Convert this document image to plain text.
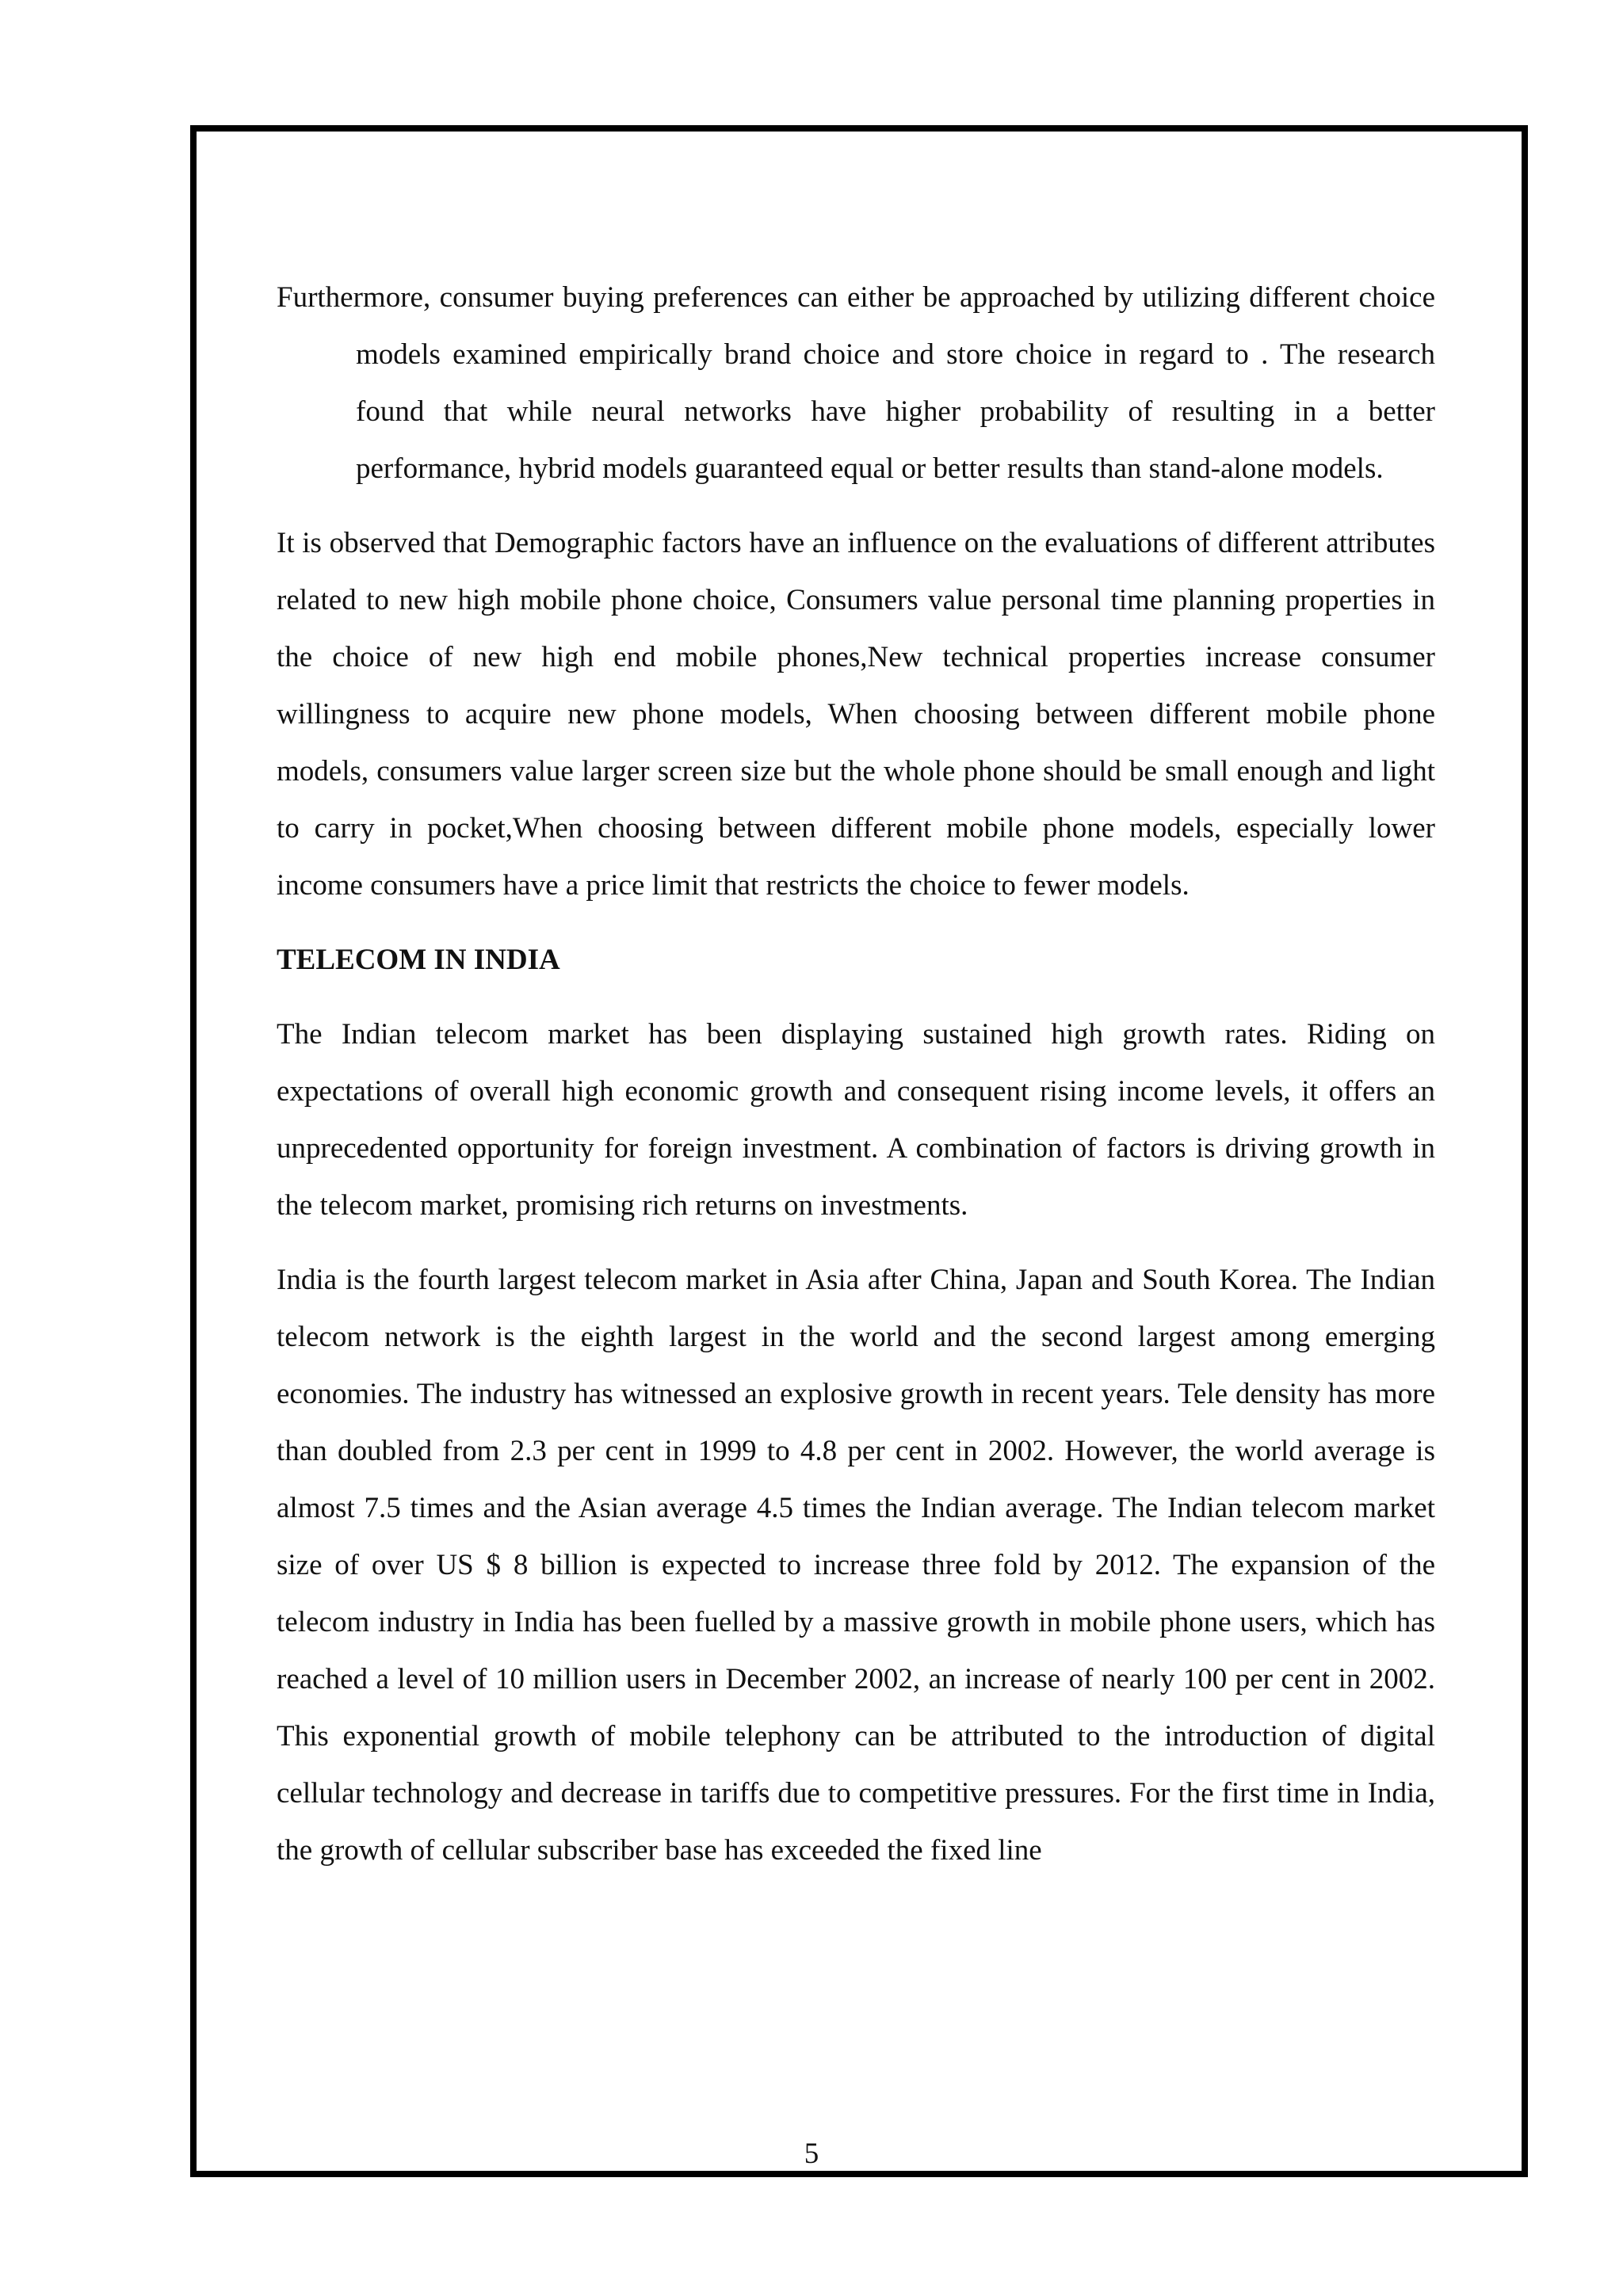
Furthermore, consumer buying preferences can either be approached by utilizing different choice models examined empirically brand choice and store choice in regard to . The research found that while neural networks have higher probability of resulting in a better performance, hybrid models guaranteed equal or better results than stand-alone models.

It is observed that Demographic factors have an influence on the evaluations of different attributes related to new high mobile phone choice, Consumers value personal time planning properties in the choice of new high end mobile phones,New technical properties increase consumer willingness to acquire new phone models, When choosing between different mobile phone models, consumers value larger screen size but the whole phone should be small enough and light to carry in pocket,When choosing between different mobile phone models, especially lower income consumers have a price limit that restricts the choice to fewer models.

TELECOM IN INDIA

The Indian telecom market has been displaying sustained high growth rates. Riding on expectations of overall high economic growth and consequent rising income levels, it offers an unprecedented opportunity for foreign investment. A combination of factors is driving growth in the telecom market, promising rich returns on investments.

India is the fourth largest telecom market in Asia after China, Japan and South Korea. The Indian telecom network is the eighth largest in the world and the second largest among emerging economies. The industry has witnessed an explosive growth in recent years. Tele density has more than doubled from 2.3 per cent in 1999 to 4.8 per cent in 2002. However, the world average is almost 7.5 times and the Asian average 4.5 times the Indian average. The Indian telecom market size of over US $ 8 billion is expected to increase three fold by 2012. The expansion of the telecom industry in India has been fuelled by a massive growth in mobile phone users, which has reached a level of 10 million users in December 2002, an increase of nearly 100 per cent in 2002. This exponential growth of mobile telephony can be attributed to the introduction of digital cellular technology and decrease in tariffs due to competitive pressures. For the first time in India, the growth of cellular subscriber base has exceeded the fixed line

5
